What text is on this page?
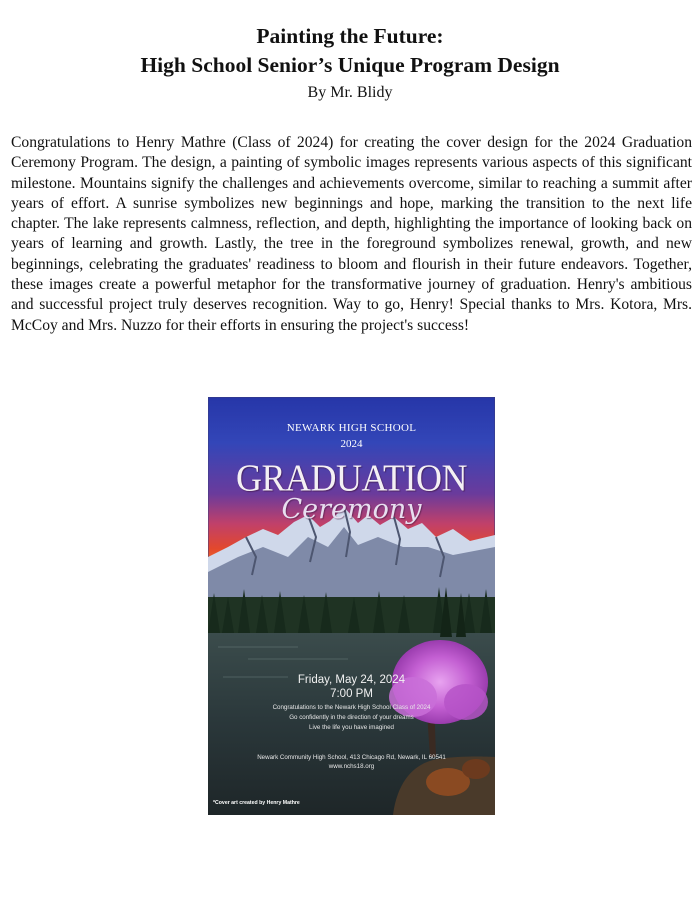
Painting the Future:
High School Senior’s Unique Program Design
By Mr. Blidy
Congratulations to Henry Mathre (Class of 2024) for creating the cover design for the 2024 Graduation Ceremony Program. The design, a painting of symbolic images represents various aspects of this significant milestone. Mountains signify the challenges and achievements overcome, similar to reaching a summit after years of effort. A sunrise symbolizes new beginnings and hope, marking the transition to the next life chapter. The lake represents calmness, reflection, and depth, highlighting the importance of looking back on years of learning and growth. Lastly, the tree in the foreground symbolizes renewal, growth, and new beginnings, celebrating the graduates' readiness to bloom and flourish in their future endeavors. Together, these images create a powerful metaphor for the transformative journey of graduation. Henry's ambitious and successful project truly deserves recognition. Way to go, Henry! Special thanks to Mrs. Kotora, Mrs. McCoy and Mrs. Nuzzo for their efforts in ensuring the project's success!
NEWARK HIGH SCHOOL
2024
GRADUATION
Ceremony
Friday, May 24, 2024
7:00 PM
Congratulations to the Newark High School Class of 2024
Go confidently in the direction of your dreams
Live the life you have imagined
Newark Community High School, 413 Chicago Rd, Newark, IL 60541
www.nchs18.org
*Cover art created by Henry Mathre
